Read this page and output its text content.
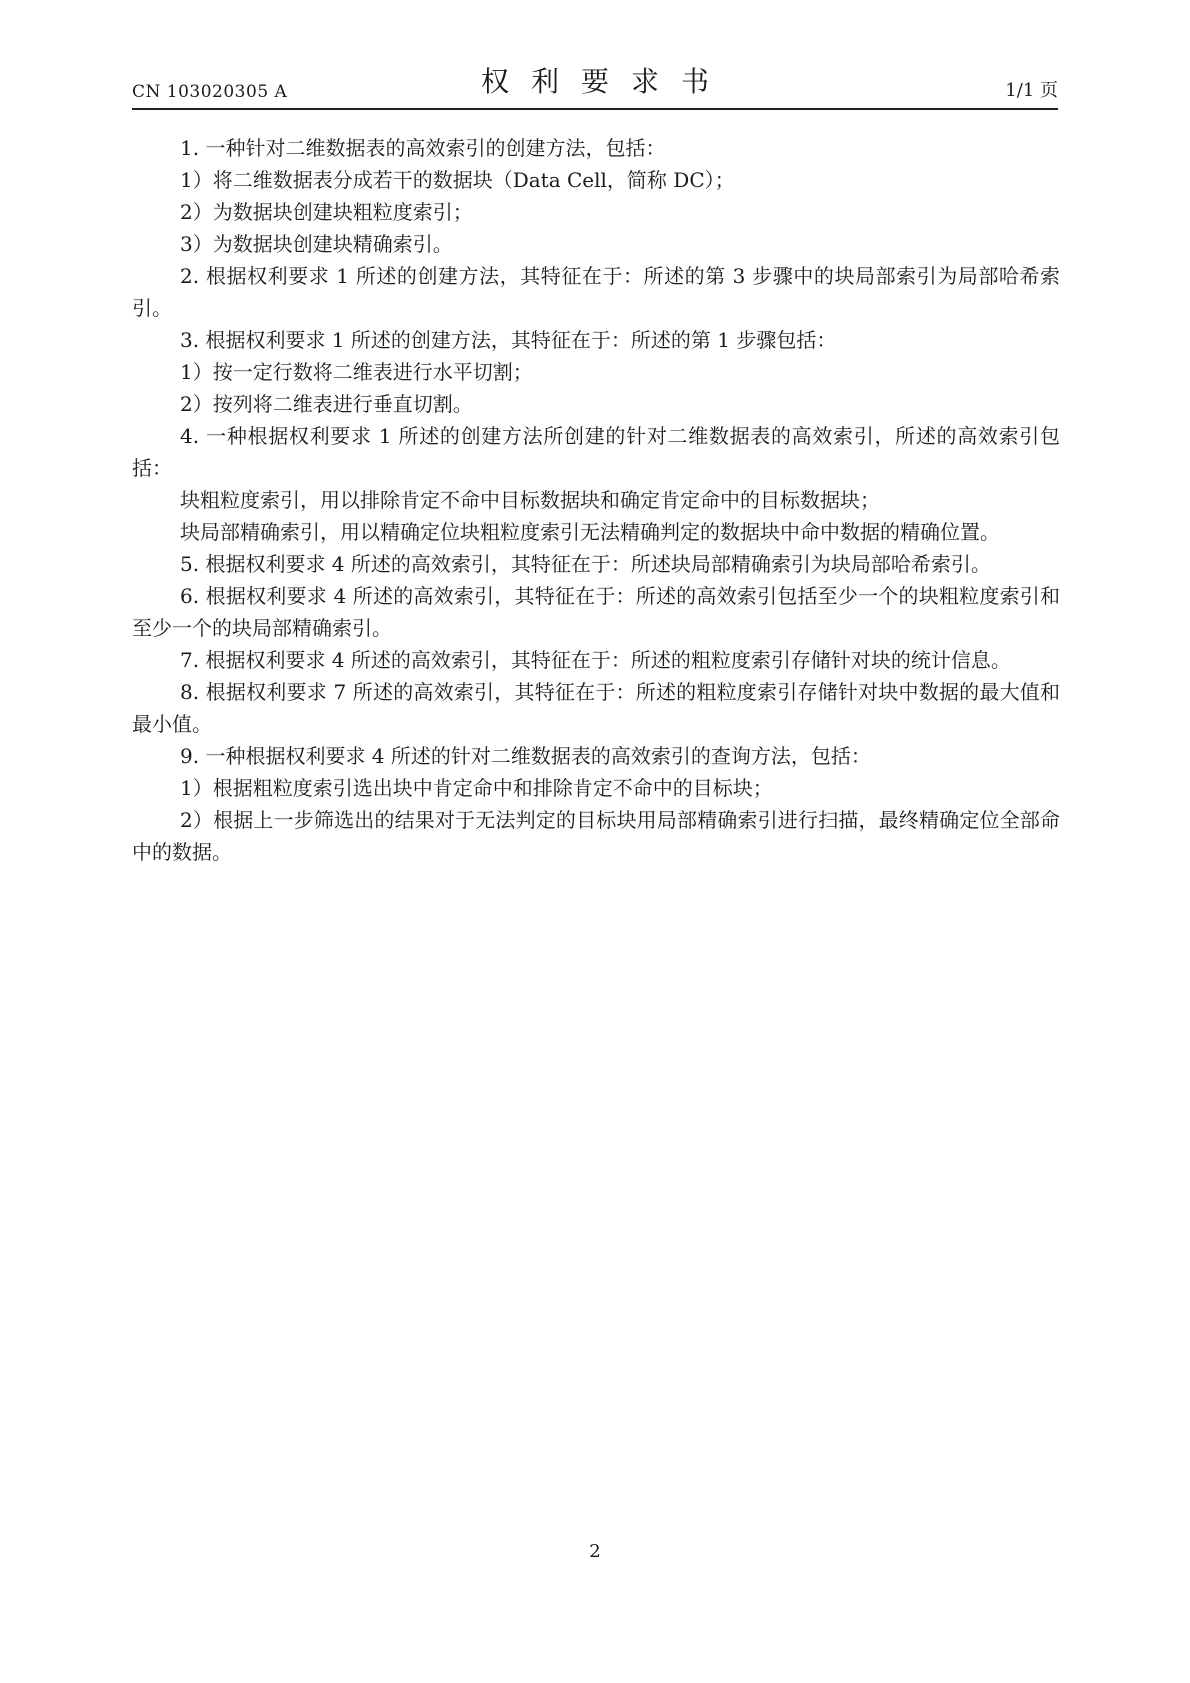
CN 103020305 A	权利要求书	1/1 页

1. 一种针对二维数据表的高效索引的创建方法，包括：

1）将二维数据表分成若干的数据块（Data Cell，简称 DC）；

2）为数据块创建块粗粒度索引；

3）为数据块创建块精确索引。

2. 根据权利要求 1 所述的创建方法，其特征在于：所述的第 3 步骤中的块局部索引为局部哈希索引。

3. 根据权利要求 1 所述的创建方法，其特征在于：所述的第 1 步骤包括：

1）按一定行数将二维表进行水平切割；

2）按列将二维表进行垂直切割。

4. 一种根据权利要求 1 所述的创建方法所创建的针对二维数据表的高效索引，所述的高效索引包括：

块粗粒度索引，用以排除肯定不命中目标数据块和确定肯定命中的目标数据块；

块局部精确索引，用以精确定位块粗粒度索引无法精确判定的数据块中命中数据的精确位置。

5. 根据权利要求 4 所述的高效索引，其特征在于：所述块局部精确索引为块局部哈希索引。

6. 根据权利要求 4 所述的高效索引，其特征在于：所述的高效索引包括至少一个的块粗粒度索引和至少一个的块局部精确索引。

7. 根据权利要求 4 所述的高效索引，其特征在于：所述的粗粒度索引存储针对块的统计信息。

8. 根据权利要求 7 所述的高效索引，其特征在于：所述的粗粒度索引存储针对块中数据的最大值和最小值。

9. 一种根据权利要求 4 所述的针对二维数据表的高效索引的查询方法，包括：

1）根据粗粒度索引选出块中肯定命中和排除肯定不命中的目标块；

2）根据上一步筛选出的结果对于无法判定的目标块用局部精确索引进行扫描，最终精确定位全部命中的数据。

2
